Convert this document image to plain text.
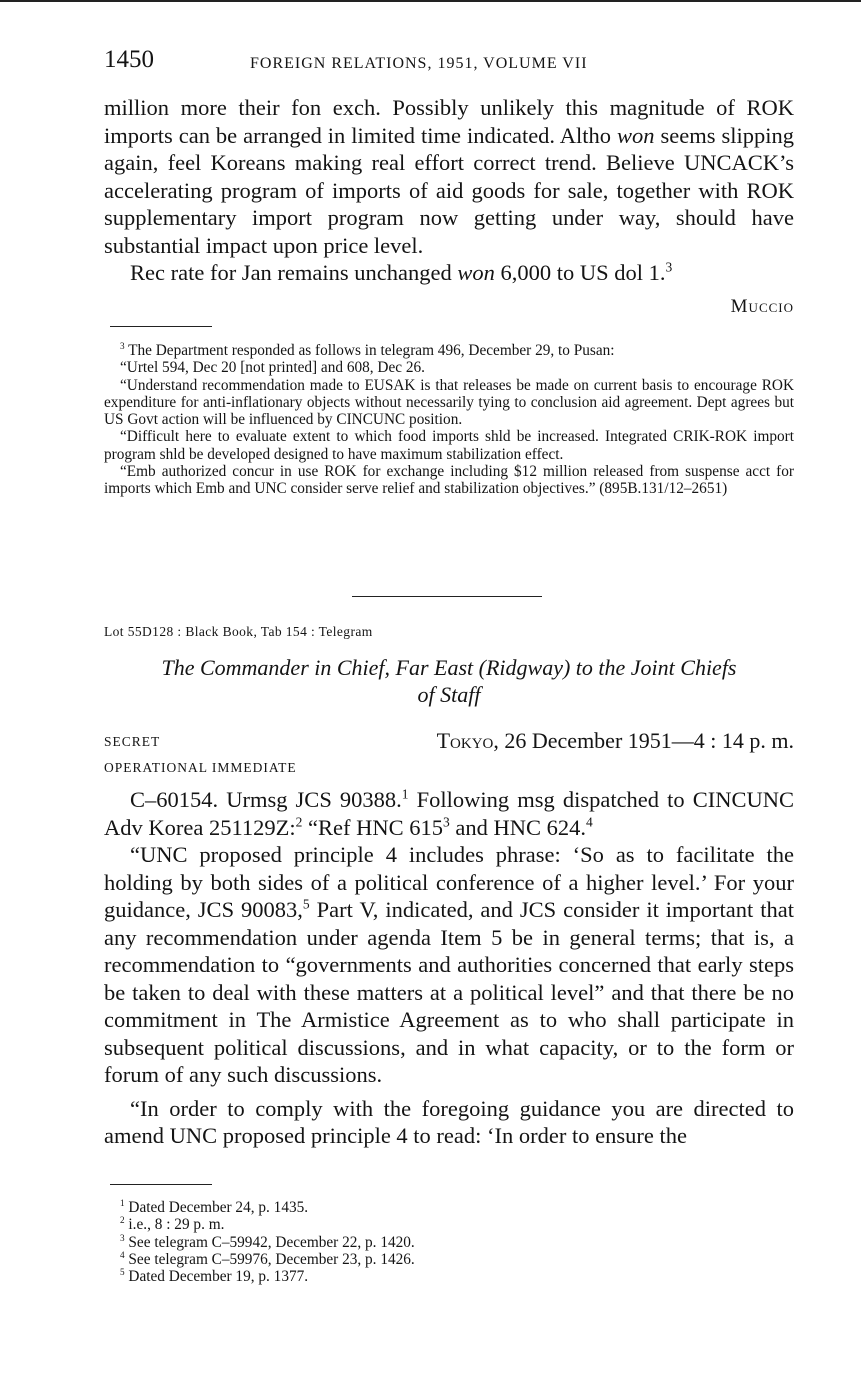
1450	FOREIGN RELATIONS, 1951, VOLUME VII

million more their fon exch. Possibly unlikely this magnitude of ROK imports can be arranged in limited time indicated. Altho won seems slipping again, feel Koreans making real effort correct trend. Believe UNCACK’s accelerating program of imports of aid goods for sale, together with ROK supplementary import program now getting under way, should have substantial impact upon price level.

Rec rate for Jan remains unchanged won 6,000 to US dol 1.$^3$

Muccio

$^3$ The Department responded as follows in telegram 496, December 29, to Pusan:

“Urtel 594, Dec 20 [not printed] and 608, Dec 26.

“Understand recommendation made to EUSAK is that releases be made on current basis to encourage ROK expenditure for anti-inflationary objects without necessarily tying to conclusion aid agreement. Dept agrees but US Govt action will be influenced by CINCUNC position.

“Difficult here to evaluate extent to which food imports shld be increased. Integrated CRIK-ROK import program shld be developed designed to have maximum stabilization effect.

“Emb authorized concur in use ROK for exchange including $12 million released from suspense acct for imports which Emb and UNC consider serve relief and stabilization objectives.” (895B.131/12–2651)

Lot 55D128 : Black Book, Tab 154 : Telegram
The Commander in Chief, Far East (Ridgway) to the Joint Chiefs
of Staff
SECRET	Tokyo, 26 December 1951—4 : 14 p. m.
OPERATIONAL IMMEDIATE

C–60154. Urmsg JCS 90388.$^1$ Following msg dispatched to CINCUNC Adv Korea 251129Z:$^2$ “Ref HNC $615^3$ and HNC 624.$^4$

“UNC proposed principle 4 includes phrase: ‘So as to facilitate the holding by both sides of a political conference of a higher level.’ For your guidance, JCS 90083,$^5$ Part V, indicated, and JCS consider it important that any recommendation under agenda Item 5 be in general terms; that is, a recommendation to “governments and authorities concerned that early steps be taken to deal with these matters at a political level” and that there be no commitment in The Armistice Agreement as to who shall participate in subsequent political discussions, and in what capacity, or to the form or forum of any such discussions.

“In order to comply with the foregoing guidance you are directed to amend UNC proposed principle 4 to read: ‘In order to ensure the

$^1$ Dated December 24, p. 1435.

$^2$ i.e., 8 : 29 p. m.

$^3$ See telegram C–59942, December 22, p. 1420.

$^4$ See telegram C–59976, December 23, p. 1426.

$^5$ Dated December 19, p. 1377.
